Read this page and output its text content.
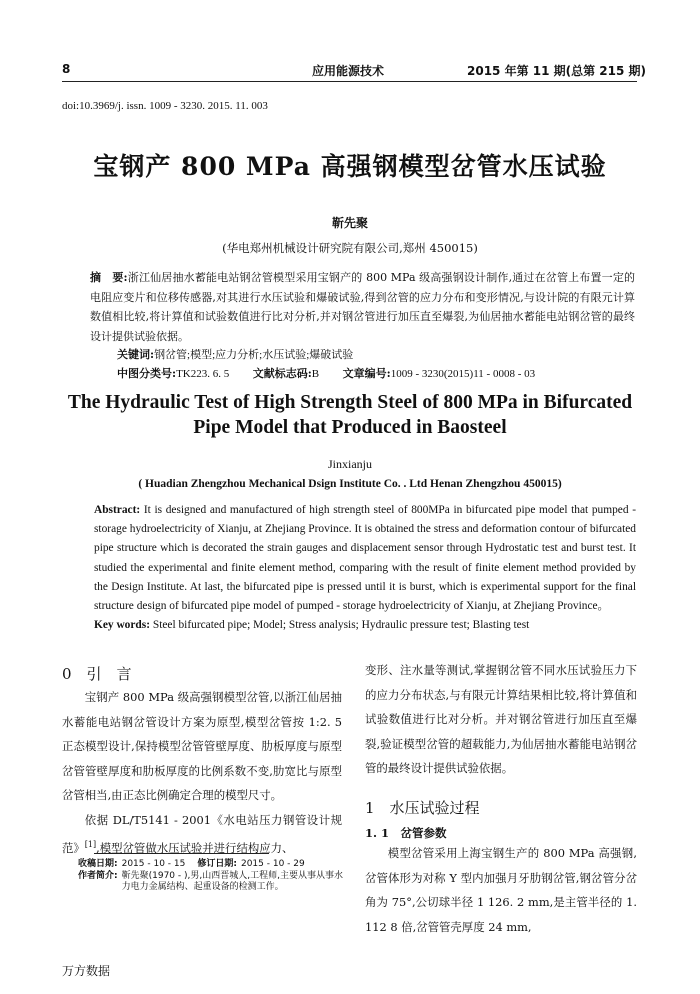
8	应用能源技术	2015 年第 11 期(总第 215 期)
doi:10.3969/j. issn. 1009 - 3230. 2015. 11. 003
宝钢产 800 MPa 高强钢模型岔管水压试验
靳先聚
(华电郑州机械设计研究院有限公司,郑州 450015)
摘　要:浙江仙居抽水蓄能电站钢岔管模型采用宝钢产的 800 MPa 级高强钢设计制作,通过在岔管上布置一定的电阻应变片和位移传感器,对其进行水压试验和爆破试验,得到岔管的应力分布和变形情况,与设计院的有限元计算数值相比较,将计算值和试验数值进行比对分析,并对钢岔管进行加压直至爆裂,为仙居抽水蓄能电站钢岔管的最终设计提供试验依据。
关键词:钢岔管;模型;应力分析;水压试验;爆破试验
中图分类号:TK223. 6. 5 文献标志码:B 文章编号:1009 - 3230(2015)11 - 0008 - 03
The Hydraulic Test of High Strength Steel of 800 MPa in Bifurcated
Pipe Model that Produced in Baosteel
Jinxianju
( Huadian Zhengzhou Mechanical Dsign Institute Co. . Ltd Henan Zhengzhou 450015)
Abstract: It is designed and manufactured of high strength steel of 800MPa in bifurcated pipe model that pumped - storage hydroelectricity of Xianju, at Zhejiang Province. It is obtained the stress and deformation contour of bifurcated pipe structure which is decorated the strain gauges and displacement sensor through Hydrostatic test and burst test. It studied the experimental and finite element method, comparing with the result of finite element method provided by the Design Institute. At last, the bifurcated pipe is pressed until it is burst, which is experimental support for the final structure design of bifurcated pipe model of pumped - storage hydroelectricity of Xianju, at Zhejiang Province。
Key words: Steel bifurcated pipe; Model; Stress analysis; Hydraulic pressure test; Blasting test
0　引　言

宝钢产 800 MPa 级高强钢模型岔管,以浙江仙居抽水蓄能电站钢岔管设计方案为原型,模型岔管按 1:2. 5 正态模型设计,保持模型岔管管壁厚度、肋板厚度与原型岔管管壁厚度和肋板厚度的比例系数不变,肋宽比与原型岔管相当,由正态比例确定合理的模型尺寸。

依据 DL/T5141 - 2001《水电站压力钢管设计规范》[1],模型岔管做水压试验并进行结构应力、

变形、注水量等测试,掌握钢岔管不同水压试验压力下的应力分布状态,与有限元计算结果相比较,将计算值和试验数值进行比对分析。并对钢岔管进行加压直至爆裂,验证模型岔管的超载能力,为仙居抽水蓄能电站钢岔管的最终设计提供试验依据。
1　水压试验过程
1. 1　岔管参数
模型岔管采用上海宝钢生产的 800 MPa 高强钢,岔管体形为对称 Y 型内加强月牙肋钢岔管,钢岔管分岔角为 75°,公切球半径 1 126. 2 mm,是主管半径的 1. 112 8 倍,岔管管壳厚度 24 mm,
收稿日期: 2015 - 10 - 15 修订日期: 2015 - 10 - 29
作者简介: 靳先聚(1970 - ),男,山西晋城人,工程师,主要从事从事水力电力金属结构、起重设备的检测工作。
万方数据
